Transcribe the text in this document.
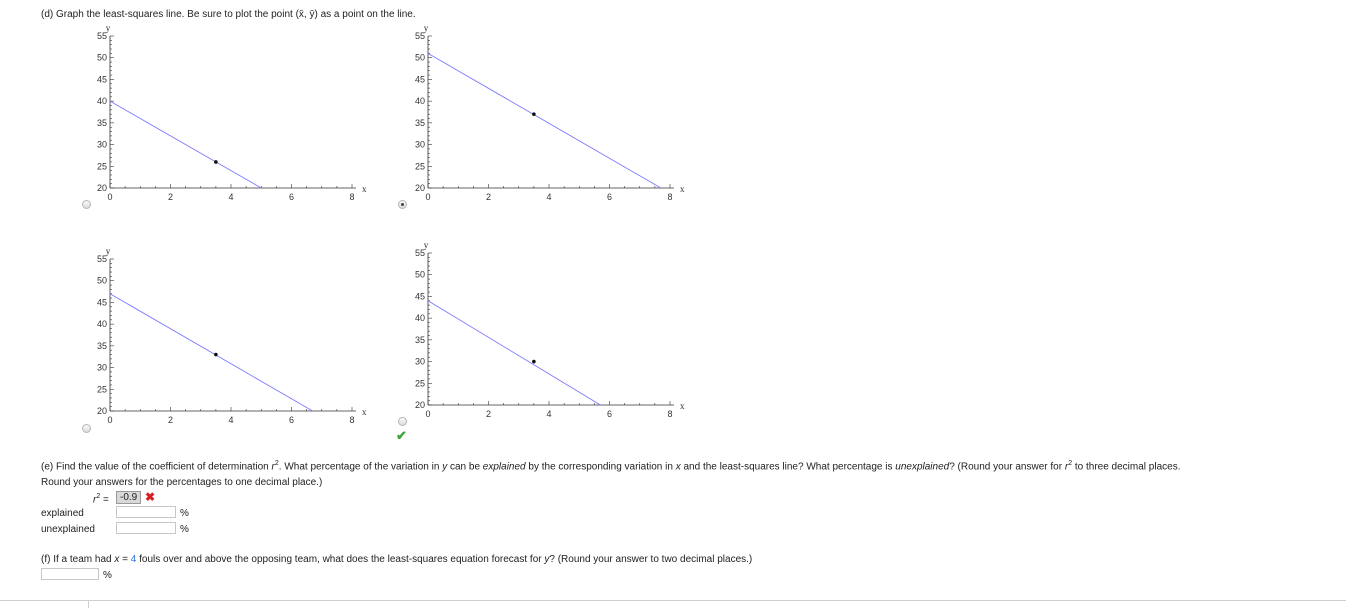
(d) Graph the least-squares line. Be sure to plot the point (x̄, ȳ) as a point on the line.
20
25
30
35
40
45
50
55
0	2	4	6	8
x
y
20
25
30
35
40
45
50
55
0	2	4	6	8
x
y
20
25
30
35
40
45
50
55
0	2	4	6	8
x
y
20
25
30
35
40
45
50
55
0	2	4	6	8
x
y
✔
(e) Find the value of the coefficient of determination $r^2$. What percentage of the variation in y can be explained by the corresponding variation in x and the least-squares line? What percentage is unexplained? (Round your answer for $r^2$ to three decimal places.
Round your answers for the percentages to one decimal place.)
$r^2$ =	-0.9 ✖
explained	%
unexplained	%
(f) If a team had x = 4 fouls over and above the opposing team, what does the least-squares equation forecast for y? (Round your answer to two decimal places.)
%
